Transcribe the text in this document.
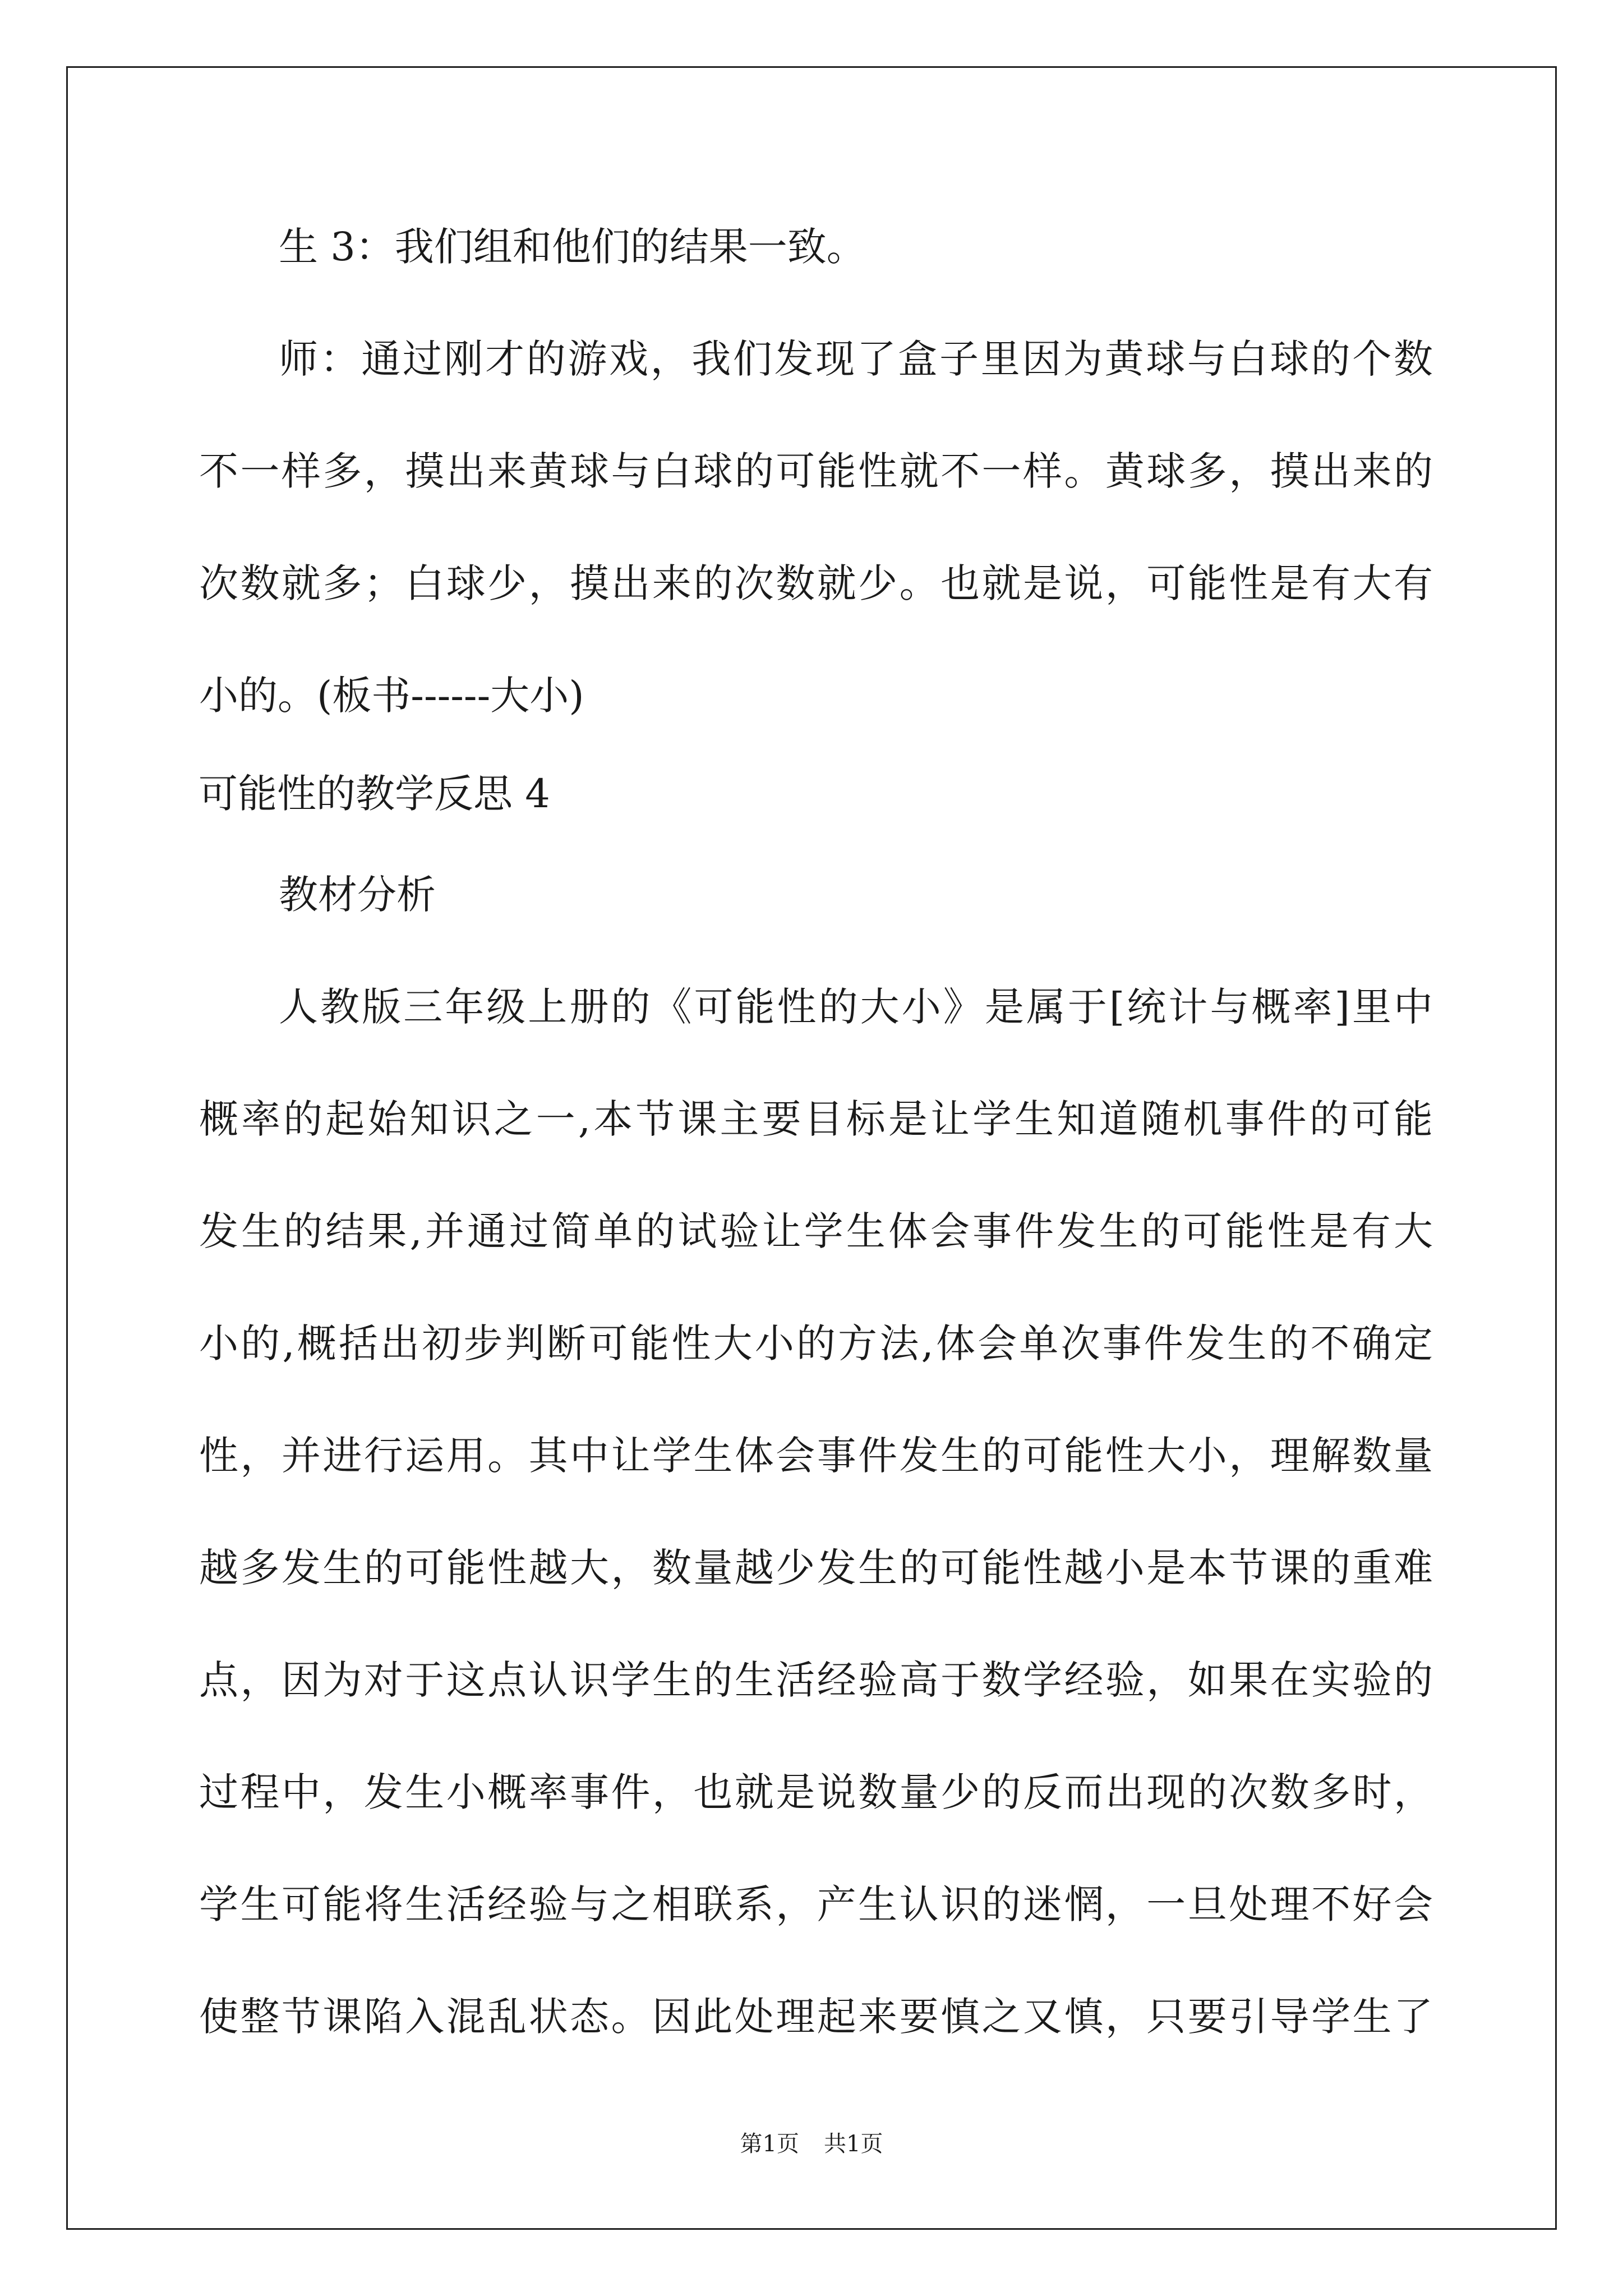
生 3：我们组和他们的结果一致。
师：通过刚才的游戏，我们发现了盒子里因为黄球与白球的个数
不一样多，摸出来黄球与白球的可能性就不一样。黄球多，摸出来的
次数就多；白球少，摸出来的次数就少。也就是说，可能性是有大有
小的。(板书------大小)
可能性的教学反思 4
教材分析
人教版三年级上册的《可能性的大小》是属于[统计与概率]里中
概率的起始知识之一,本节课主要目标是让学生知道随机事件的可能
发生的结果,并通过简单的试验让学生体会事件发生的可能性是有大
小的,概括出初步判断可能性大小的方法,体会单次事件发生的不确定
性，并进行运用。其中让学生体会事件发生的可能性大小，理解数量
越多发生的可能性越大，数量越少发生的可能性越小是本节课的重难
点，因为对于这点认识学生的生活经验高于数学经验，如果在实验的
过程中，发生小概率事件，也就是说数量少的反而出现的次数多时，
学生可能将生活经验与之相联系，产生认识的迷惘，一旦处理不好会
使整节课陷入混乱状态。因此处理起来要慎之又慎，只要引导学生了
第1页 共1页
